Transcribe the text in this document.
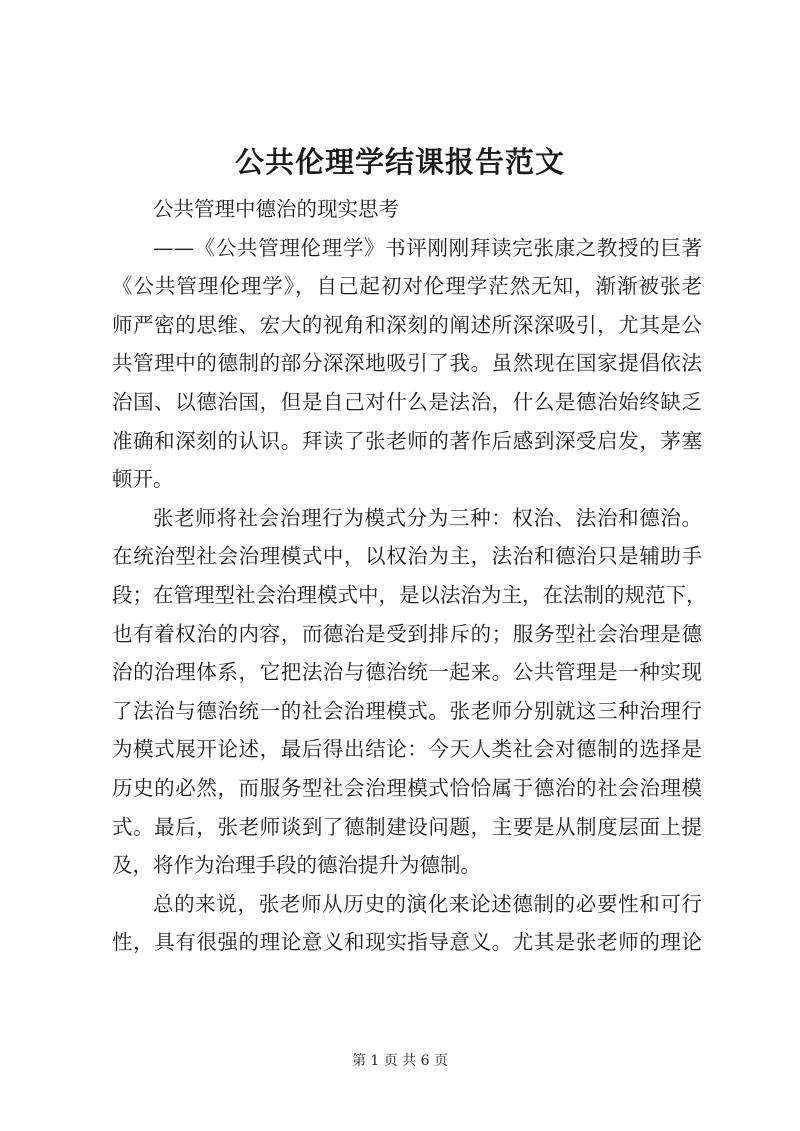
公共伦理学结课报告范文
公共管理中德治的现实思考
——《公共管理伦理学》书评刚刚拜读完张康之教授的巨著
《公共管理伦理学》，自己起初对伦理学茫然无知，渐渐被张老
师严密的思维、宏大的视角和深刻的阐述所深深吸引，尤其是公
共管理中的德制的部分深深地吸引了我。虽然现在国家提倡依法
治国、以德治国，但是自己对什么是法治，什么是德治始终缺乏
准确和深刻的认识。拜读了张老师的著作后感到深受启发，茅塞
顿开。
张老师将社会治理行为模式分为三种：权治、法治和德治。
在统治型社会治理模式中，以权治为主，法治和德治只是辅助手
段；在管理型社会治理模式中，是以法治为主，在法制的规范下，
也有着权治的内容，而德治是受到排斥的；服务型社会治理是德
治的治理体系，它把法治与德治统一起来。公共管理是一种实现
了法治与德治统一的社会治理模式。张老师分别就这三种治理行
为模式展开论述，最后得出结论：今天人类社会对德制的选择是
历史的必然，而服务型社会治理模式恰恰属于德治的社会治理模
式。最后，张老师谈到了德制建设问题，主要是从制度层面上提
及，将作为治理手段的德治提升为德制。
总的来说，张老师从历史的演化来论述德制的必要性和可行
性，具有很强的理论意义和现实指导意义。尤其是张老师的理论
第 1 页 共 6 页
